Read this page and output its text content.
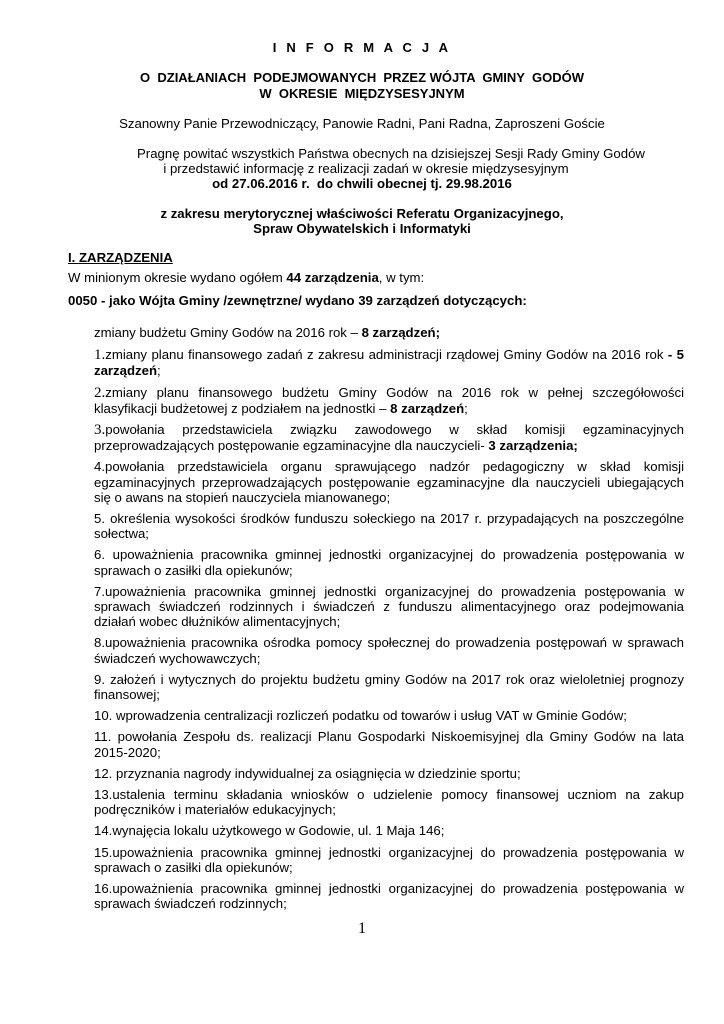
I N F O R M A C J A
O  DZIAŁANIACH  PODEJMOWANYCH  PRZEZ WÓJTA  GMINY  GODÓW
W  OKRESIE  MIĘDZYSESYJNYM
Szanowny Panie Przewodniczący, Panowie Radni, Pani Radna, Zaproszeni Goście
Pragnę powitać wszystkich Państwa obecnych na dzisiejszej Sesji Rady Gminy Godów
i przedstawić informację z realizacji zadań w okresie międzysesyjnym
od 27.06.2016 r.  do chwili obecnej tj. 29.98.2016
z zakresu merytorycznej właściwości Referatu Organizacyjnego,
Spraw Obywatelskich i Informatyki
I. ZARZĄDZENIA
W minionym okresie wydano ogółem 44 zarządzenia, w tym:
0050 - jako Wójta Gminy /zewnętrzne/ wydano 39 zarządzeń dotyczących:
zmiany budżetu Gminy Godów na 2016 rok – 8 zarządzeń;
1.zmiany planu finansowego zadań z zakresu administracji rządowej Gminy Godów na 2016 rok - 5 zarządzeń;
2.zmiany planu finansowego budżetu Gminy Godów na 2016 rok w pełnej szczegółowości klasyfikacji budżetowej z podziałem na jednostki – 8 zarządzeń;
3.powołania przedstawiciela związku zawodowego w skład komisji egzaminacyjnych przeprowadzających postępowanie egzaminacyjne dla nauczycieli- 3 zarządzenia;
4.powołania przedstawiciela organu sprawującego nadzór pedagogiczny w skład komisji egzaminacyjnych przeprowadzających postępowanie egzaminacyjne dla nauczycieli ubiegających się o awans na stopień nauczyciela mianowanego;
5. określenia wysokości środków funduszu sołeckiego na 2017 r. przypadających na poszczególne sołectwa;
6. upoważnienia pracownika gminnej jednostki organizacyjnej do prowadzenia postępowania w sprawach o zasiłki dla opiekunów;
7.upoważnienia pracownika gminnej jednostki organizacyjnej do prowadzenia postępowania w sprawach świadczeń rodzinnych i świadczeń z funduszu alimentacyjnego oraz podejmowania działań wobec dłużników alimentacyjnych;
8.upoważnienia pracownika ośrodka pomocy społecznej do prowadzenia postępowań w sprawach świadczeń wychowawczych;
9. założeń i wytycznych do projektu budżetu gminy Godów na 2017 rok oraz wieloletniej prognozy finansowej;
10. wprowadzenia centralizacji rozliczeń podatku od towarów i usług VAT w Gminie Godów;
11. powołania Zespołu ds. realizacji Planu Gospodarki Niskoemisyjnej dla Gminy Godów na lata 2015-2020;
12. przyznania nagrody indywidualnej za osiągnięcia w dziedzinie sportu;
13.ustalenia terminu składania wniosków o udzielenie pomocy finansowej uczniom na zakup podręczników i materiałów edukacyjnych;
14.wynajęcia lokalu użytkowego w Godowie, ul. 1 Maja 146;
15.upoważnienia pracownika gminnej jednostki organizacyjnej do prowadzenia postępowania w sprawach o zasiłki dla opiekunów;
16.upoważnienia pracownika gminnej jednostki organizacyjnej do prowadzenia postępowania w sprawach świadczeń rodzinnych;
1
